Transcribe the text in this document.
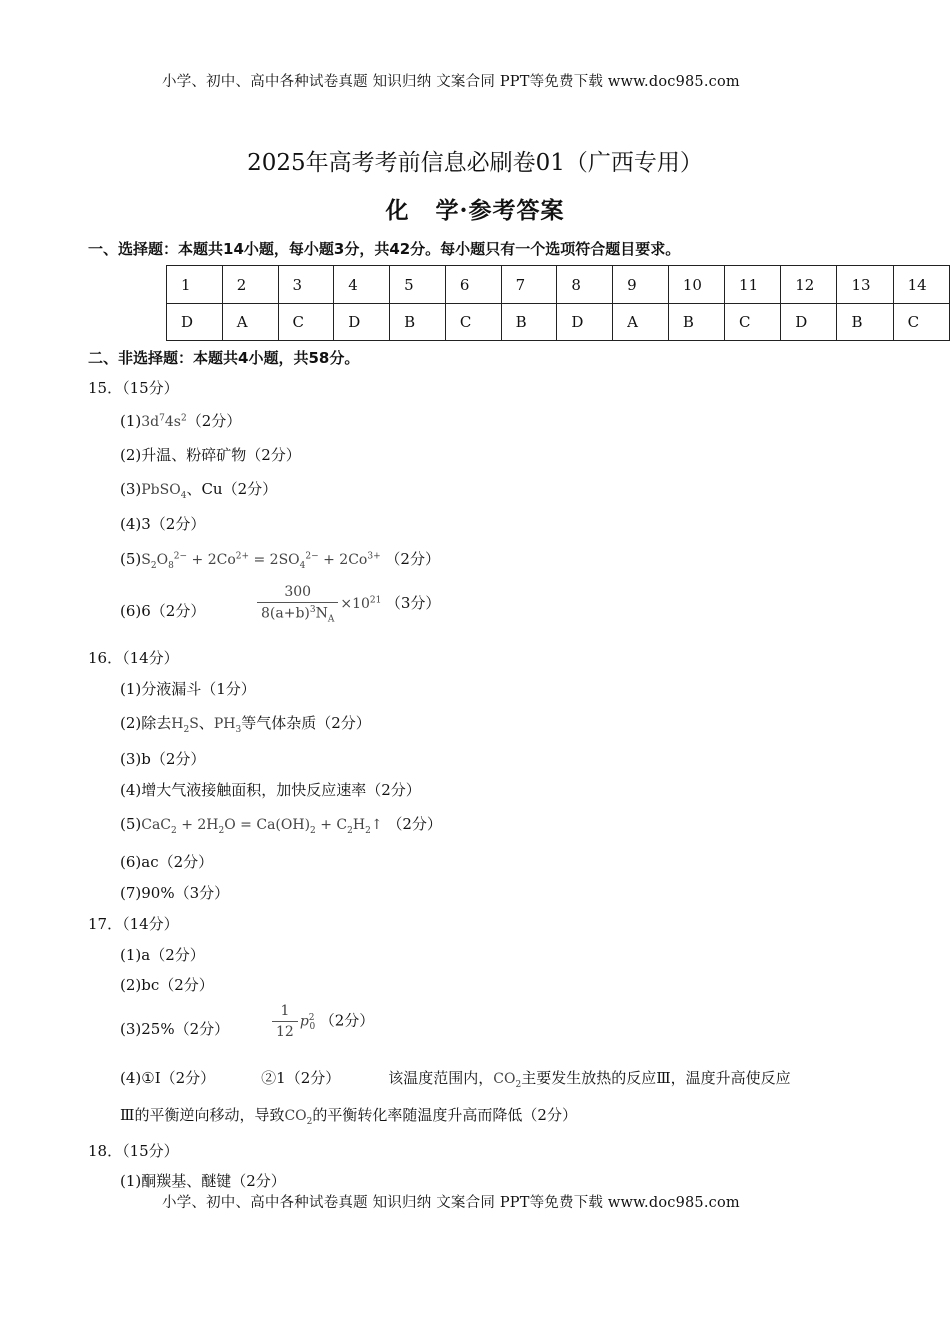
小学、初中、高中各种试卷真题 知识归纳 文案合同 PPT等免费下载 www.doc985.com
2025年高考考前信息必刷卷01（广西专用）
化 学·参考答案
一、选择题：本题共14小题，每小题3分，共42分。每小题只有一个选项符合题目要求。
1	2	3	4	5	6	7	8	9	10	11	12	13	14
D	A	C	D	B	C	B	D	A	B	C	D	B	C
二、非选择题：本题共4小题，共58分。
15．（15分）
$(1)3d^74s^2(2$分）
(2)升温、粉碎矿物（2分）
(3)PbSO$_4$、Cu（2分）
(4)3（2分）
$(5)S_2O_8^{2-} + 2Co^{2+} = 2SO_4^{2-} + 2Co^{3+}$ （2分）
(6)6（2分）	$\frac{300}{8(a+b)^3N_A} \times 10^{21}$ （3分）
16．（14分）
(1)分液漏斗（1分）
(2)除去$H_2S$、$PH_3$等气体杂质（2分）
(3)b（2分）
(4)增大气液接触面积，加快反应速率（2分）
$(5)CaC_2 + 2H_2O = Ca(OH)_2$ + $C_2H_2↑$ （2分）
(6)ac（2分）
(7)90%（3分）
17．（14分）
(1)a（2分）
(2)bc（2分）
(3)25%（2分）	$\frac{1}{12} p^2_0$ （2分）
(4)①I（2分）	②1（2分）	该温度范围内，$CO_2$主要发生放热的反应Ⅲ，温度升高使反应
Ⅲ的平衡逆向移动，导致$CO_2$的平衡转化率随温度升高而降低（2分）
18．（15分）
(1)酮羰基、醚键（2分）
小学、初中、高中各种试卷真题 知识归纳 文案合同 PPT等免费下载 www.doc985.com
